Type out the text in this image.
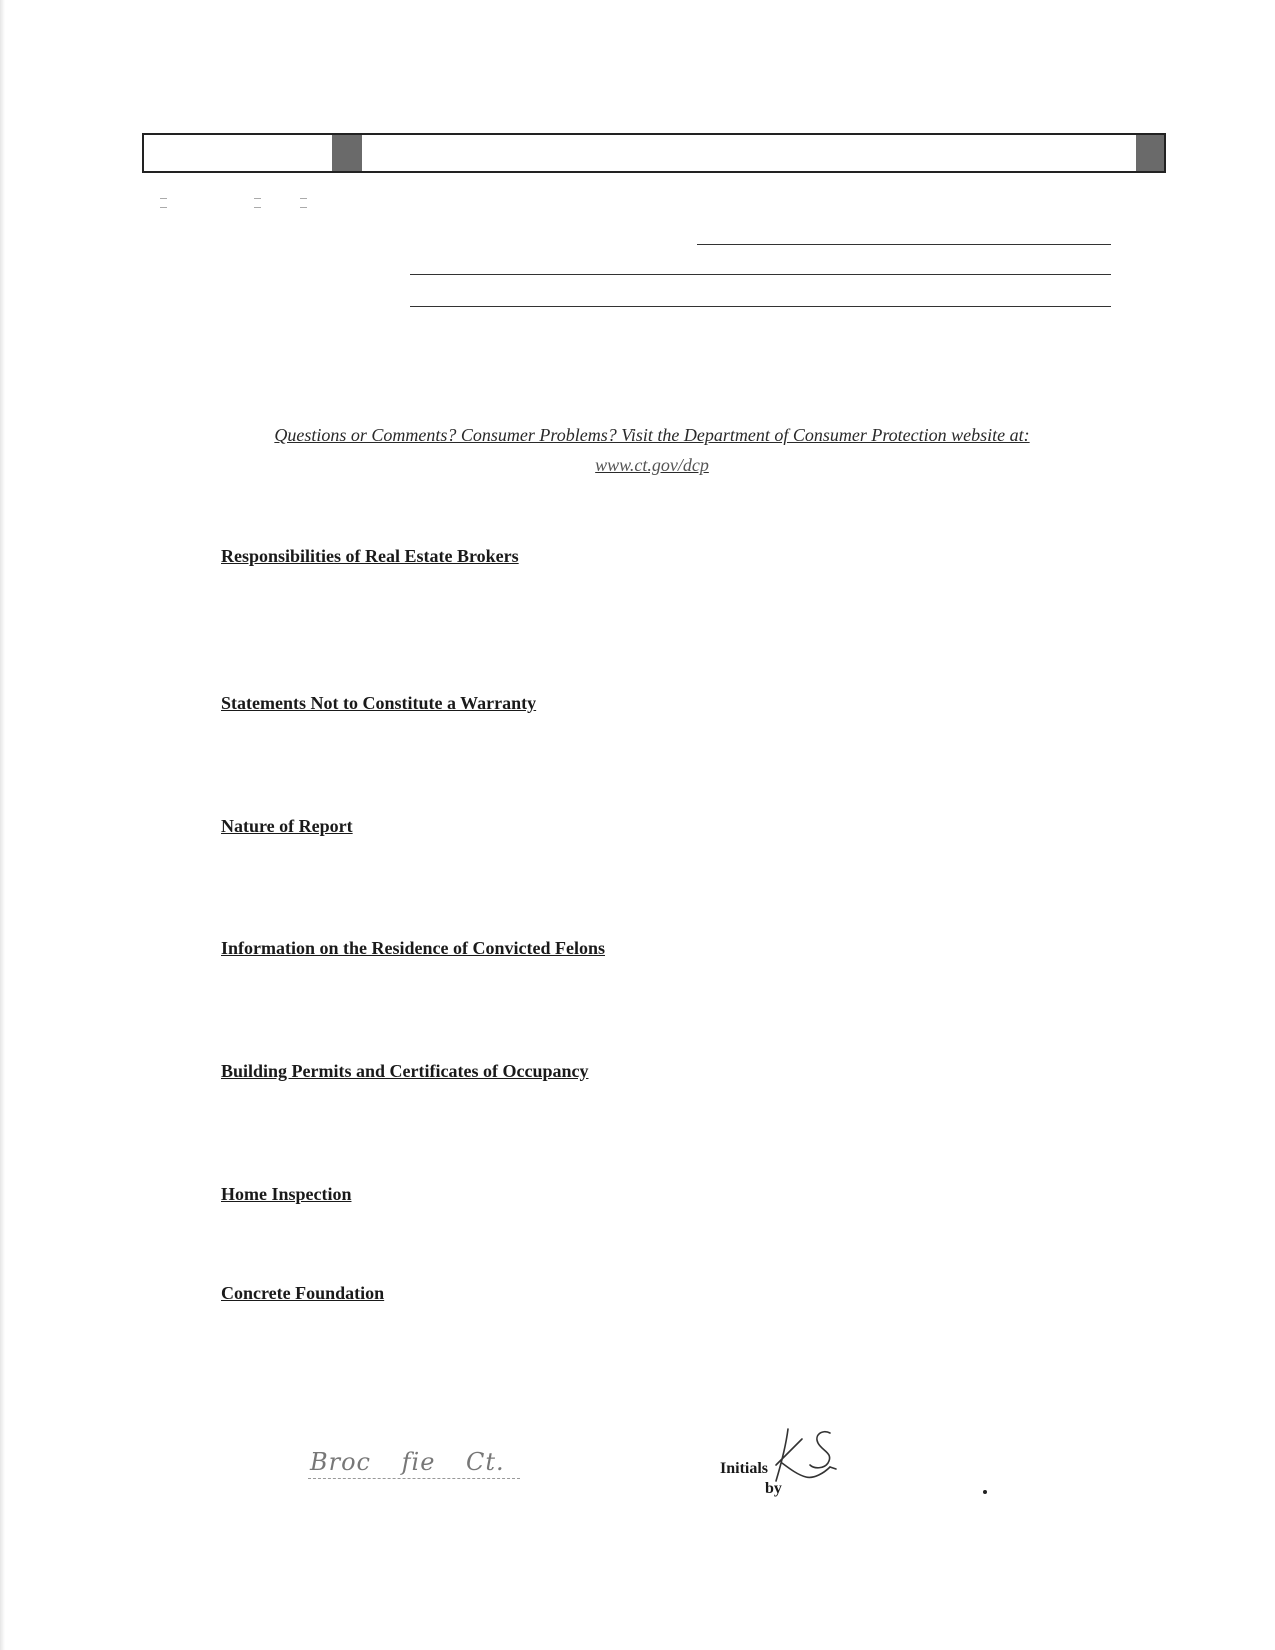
Questions or Comments? Consumer Problems? Visit the Department of Consumer Protection website at:
www.ct.gov/dcp
Responsibilities of Real Estate Brokers
Statements Not to Constitute a Warranty
Nature of Report
Information on the Residence of Convicted Felons
Building Permits and Certificates of Occupancy
Home Inspection
Concrete Foundation
Broc fie Ct.	Initials
by
